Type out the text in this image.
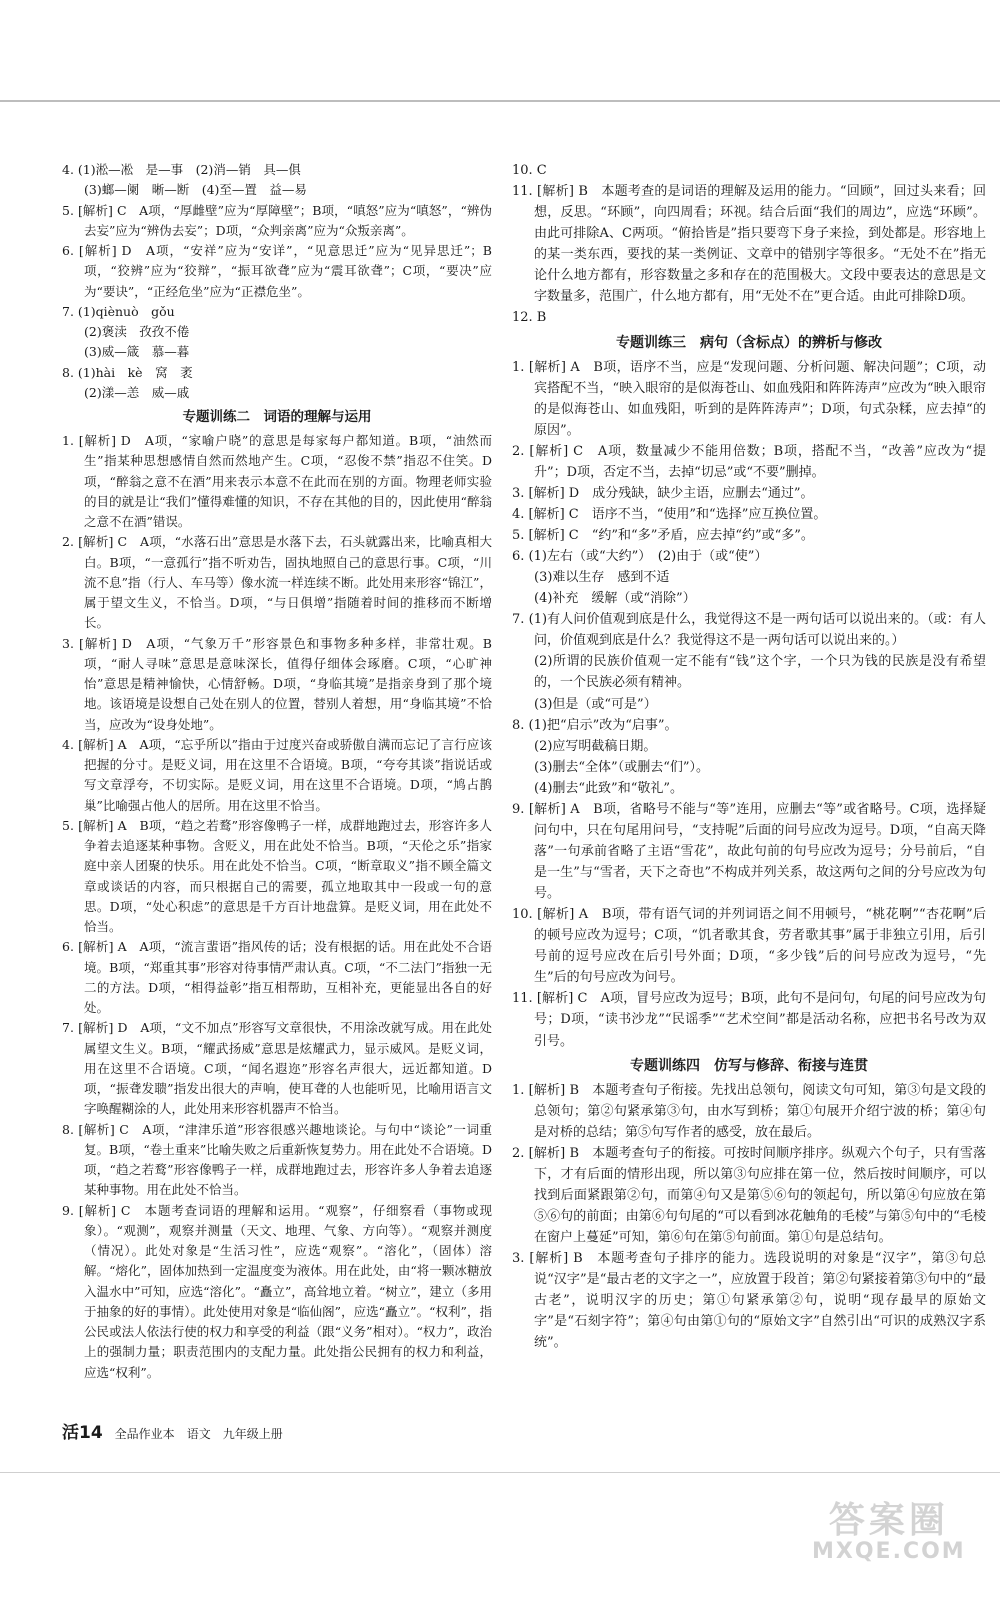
4. (1)淞—凇　是—事　(2)消—销　具—俱

(3)螂—阑　晰—断　(4)至—置　益—易

5. [解析] C　A项，“厚雌壁”应为“厚障壁”；B项，“嗔怒”应为“嗔怒”，“辨伪去妄”应为“辨伪去妄”；D项，“众判亲离”应为“众叛亲离”。

6. [解析] D　A项，“安祥”应为“安详”，“见意思迁”应为“见异思迁”；B项，“狡辨”应为“狡辩”，“振耳欲聋”应为“震耳欲聋”；C项，“要决”应为“要诀”，“正经危坐”应为“正襟危坐”。

7. (1)qiènuò　gǒu

(2)褒渎　孜孜不倦

(3)威—箴　慕—暮

8. (1)hài　kè　窝　袤

(2)漾—恙　威—戚

专题训练二　词语的理解与运用

1. [解析] D　A项，“家喻户晓”的意思是每家每户都知道。B项，“油然而生”指某种思想感情自然而然地产生。C项，“忍俊不禁”指忍不住笑。D项，“醉翁之意不在酒”用来表示本意不在此而在别的方面。物理老师实验的目的就是让“我们”懂得难懂的知识，不存在其他的目的，因此使用“醉翁之意不在酒”错误。

2. [解析] C　A项，“水落石出”意思是水落下去，石头就露出来，比喻真相大白。B项，“一意孤行”指不听劝告，固执地照自己的意思行事。C项，“川流不息”指（行人、车马等）像水流一样连续不断。此处用来形容“锦江”，属于望文生义，不恰当。D项，“与日俱增”指随着时间的推移而不断增长。

3. [解析] D　A项，“气象万千”形容景色和事物多种多样，非常壮观。B项，“耐人寻味”意思是意味深长，值得仔细体会琢磨。C项，“心旷神怡”意思是精神愉快，心情舒畅。D项，“身临其境”是指亲身到了那个境地。该语境是设想自己处在别人的位置，替别人着想，用“身临其境”不恰当，应改为“设身处地”。

4. [解析] A　A项，“忘乎所以”指由于过度兴奋或骄傲自满而忘记了言行应该把握的分寸。是贬义词，用在这里不合语境。B项，“夸夸其谈”指说话或写文章浮夸，不切实际。是贬义词，用在这里不合语境。D项，“鸠占鹊巢”比喻强占他人的居所。用在这里不恰当。

5. [解析] A　B项，“趋之若鹜”形容像鸭子一样，成群地跑过去，形容许多人争着去追逐某种事物。含贬义，用在此处不恰当。B项，“天伦之乐”指家庭中亲人团聚的快乐。用在此处不恰当。C项，“断章取义”指不顾全篇文章或谈话的内容，而只根据自己的需要，孤立地取其中一段或一句的意思。D项，“处心积虑”的意思是千方百计地盘算。是贬义词，用在此处不恰当。

6. [解析] A　A项，“流言蜚语”指风传的话；没有根据的话。用在此处不合语境。B项，“郑重其事”形容对待事情严肃认真。C项，“不二法门”指独一无二的方法。D项，“相得益彰”指互相帮助，互相补充，更能显出各自的好处。

7. [解析] D　A项，“文不加点”形容写文章很快，不用涂改就写成。用在此处属望文生义。B项，“耀武扬威”意思是炫耀武力，显示威风。是贬义词，用在这里不合语境。C项，“闻名遐迩”形容名声很大，远近都知道。D项，“振聋发聩”指发出很大的声响，使耳聋的人也能听见，比喻用语言文字唤醒糊涂的人，此处用来形容机器声不恰当。

8. [解析] C　A项，“津津乐道”形容很感兴趣地谈论。与句中“谈论”一词重复。B项，“卷土重来”比喻失败之后重新恢复势力。用在此处不合语境。D项，“趋之若鹜”形容像鸭子一样，成群地跑过去，形容许多人争着去追逐某种事物。用在此处不恰当。

9. [解析] C　本题考查词语的理解和运用。“观察”，仔细察看（事物或现象）。“观测”，观察并测量（天文、地理、气象、方向等）。“观察并测度（情况）。此处对象是“生活习性”，应选“观察”。“溶化”，（固体）溶解。“熔化”，固体加热到一定温度变为液体。用在此处，由“将一颗冰糖放入温水中”可知，应选“溶化”。“矗立”，高耸地立着。“树立”，建立（多用于抽象的好的事情）。此处使用对象是“临仙阁”，应选“矗立”。“权利”，指公民或法人依法行使的权力和享受的利益（跟“义务”相对）。“权力”，政治上的强制力量；职责范围内的支配力量。此处指公民拥有的权力和利益，应选“权利”。

10. C

11. [解析] B　本题考查的是词语的理解及运用的能力。“回顾”，回过头来看；回想，反思。“环顾”，向四周看；环视。结合后面“我们的周边”，应选“环顾”。由此可排除A、C两项。“俯拾皆是”指只要弯下身子来捡，到处都是。形容地上的某一类东西，要找的某一类例证、文章中的错别字等很多。“无处不在”指无论什么地方都有，形容数量之多和存在的范围极大。文段中要表达的意思是文字数量多，范围广，什么地方都有，用“无处不在”更合适。由此可排除D项。

12. B

专题训练三　病句（含标点）的辨析与修改

1. [解析] A　B项，语序不当，应是“发现问题、分析问题、解决问题”；C项，动宾搭配不当，“映入眼帘的是似海苍山、如血残阳和阵阵涛声”应改为“映入眼帘的是似海苍山、如血残阳，听到的是阵阵涛声”；D项，句式杂糅，应去掉“的原因”。

2. [解析] C　A项，数量减少不能用倍数；B项，搭配不当，“改善”应改为“提升”；D项，否定不当，去掉“切忌”或“不要”删掉。

3. [解析] D　成分残缺，缺少主语，应删去“通过”。

4. [解析] C　语序不当，“使用”和“选择”应互换位置。

5. [解析] C　“约”和“多”矛盾，应去掉“约”或“多”。

6. (1)左右（或“大约”）　(2)由于（或“使”）

(3)难以生存　感到不适

(4)补充　缓解（或“消除”）

7. (1)有人问价值观到底是什么，我觉得这不是一两句话可以说出来的。（或：有人问，价值观到底是什么？我觉得这不是一两句话可以说出来的。）

(2)所谓的民族价值观一定不能有“钱”这个字，一个只为钱的民族是没有希望的，一个民族必须有精神。

(3)但是（或“可是”）

8. (1)把“启示”改为“启事”。

(2)应写明截稿日期。

(3)删去“全体”（或删去“们”）。

(4)删去“此致”和“敬礼”。

9. [解析] A　B项，省略号不能与“等”连用，应删去“等”或省略号。C项，选择疑问句中，只在句尾用问号，“支持呢”后面的问号应改为逗号。D项，“自高天降落”一句承前省略了主语“雪花”，故此句前的句号应改为逗号；分号前后，“自是一生”与“雪者，天下之奇也”不构成并列关系，故这两句之间的分号应改为句号。

10. [解析] A　B项，带有语气词的并列词语之间不用顿号，“桃花啊”“杏花啊”后的顿号应改为逗号；C项，“饥者歌其食，劳者歌其事”属于非独立引用，后引号前的逗号应改在后引号外面；D项，“多少钱”后的问号应改为逗号，“先生”后的句号应改为问号。

11. [解析] C　A项，冒号应改为逗号；B项，此句不是问句，句尾的问号应改为句号；D项，“读书沙龙”“民谣季”“艺术空间”都是活动名称，应把书名号改为双引号。

专题训练四　仿写与修辞、衔接与连贯

1. [解析] B　本题考查句子衔接。先找出总领句，阅读文句可知，第③句是文段的总领句；第②句紧承第③句，由水写到桥；第①句展开介绍宁波的桥；第④句是对桥的总结；第⑤句写作者的感受，放在最后。

2. [解析] B　本题考查句子的衔接。可按时间顺序排序。纵观六个句子，只有雪落下，才有后面的情形出现，所以第③句应排在第一位，然后按时间顺序，可以找到后面紧跟第②句，而第④句又是第⑤⑥句的领起句，所以第④句应放在第⑤⑥句的前面；由第⑥句句尾的“可以看到冰花触角的毛棱”与第⑤句中的“毛棱在窗户上蔓延”可知，第⑥句在第⑤句前面。第①句是总结句。

3. [解析] B　本题考查句子排序的能力。选段说明的对象是“汉字”，第③句总说“汉字”是“最古老的文字之一”，应放置于段首；第②句紧接着第③句中的“最古老”，说明汉字的历史；第①句紧承第②句，说明“现存最早的原始文字”是“石刻字符”；第④句由第①句的“原始文字”自然引出“可识的成熟汉字系统”。

活14 全品作业本 语文 九年级上册
答案圈
MXQE.COM
